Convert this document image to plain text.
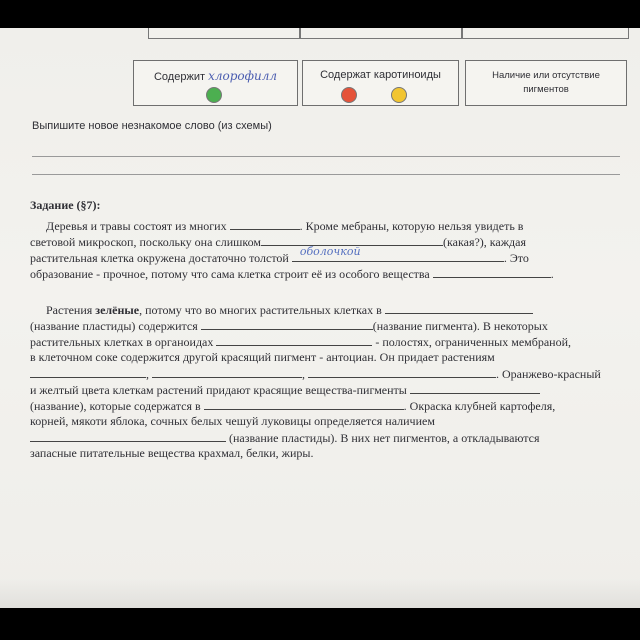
Содержит хлорофилл	Содержат каротиноиды	Наличие или отсутствие пигментов
Выпишите новое незнакомое слово (из схемы)
Задание (§7):
Деревья и травы состоят из многих	. Кроме мебраны, которую нельзя увидеть в
световой микроскоп, поскольку она слишком	(какая?), каждая
растительная клетка окружена достаточно толстой оболочкой	. Это
образование - прочное, потому что сама клетка строит её из особого вещества	.
Растения зелёные, потому что во многих растительных клетках в
(название пластиды) содержится	(название пигмента). В некоторых
растительных клетках в органоидах	- полостях, ограниченных мембраной,
в клеточном соке содержится другой красящий пигмент - антоциан. Он придает растениям
,	,	. Оранжево-красный
и желтый цвета клеткам растений придают красящие вещества-пигменты
(название), которые содержатся в	. Окраска клубней картофеля,
корней, мякоти яблока, сочных белых чешуй луковицы определяется наличием
(название пластиды). В них нет пигментов, а откладываются
запасные питательные вещества крахмал, белки, жиры.
